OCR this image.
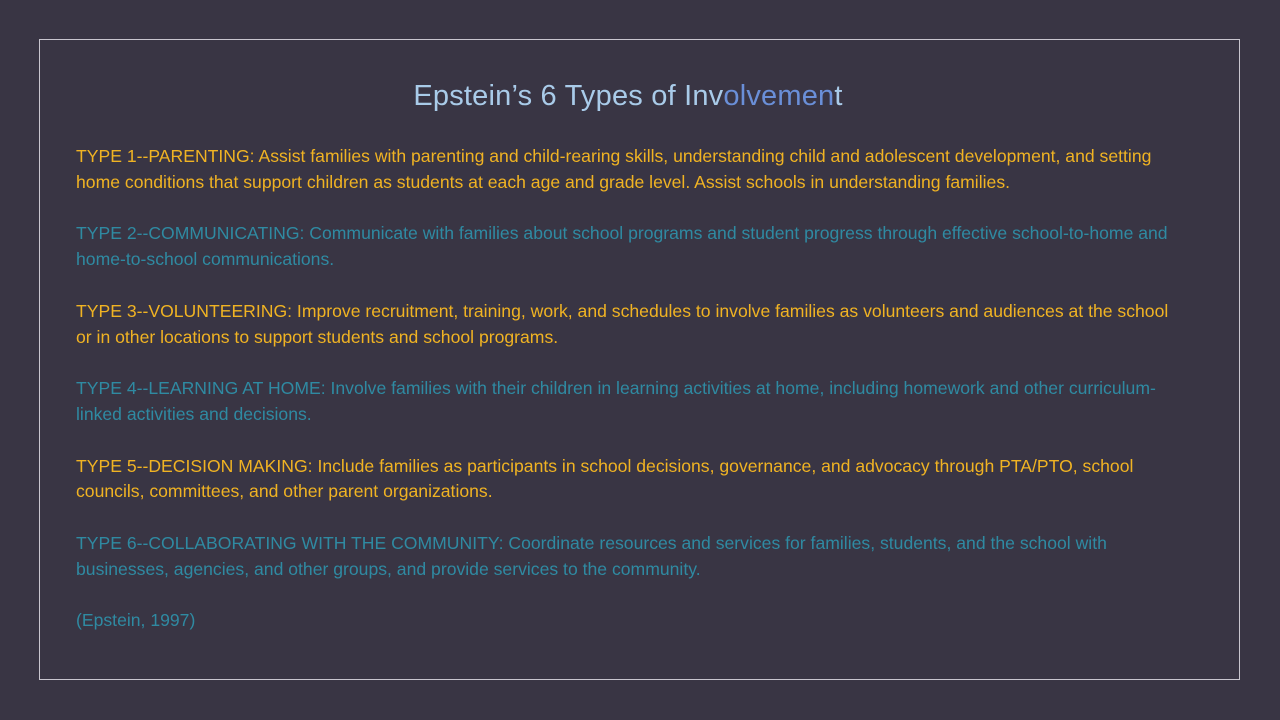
Epstein’s 6 Types of Involvement

TYPE 1--PARENTING: Assist families with parenting and child-rearing skills, understanding child and adolescent development, and setting home conditions that support children as students at each age and grade level. Assist schools in understanding families.

TYPE 2--COMMUNICATING: Communicate with families about school programs and student progress through effective school-to-home and home-to-school communications.

TYPE 3--VOLUNTEERING: Improve recruitment, training, work, and schedules to involve families as volunteers and audiences at the school or in other locations to support students and school programs.

TYPE 4--LEARNING AT HOME: Involve families with their children in learning activities at home, including homework and other curriculum-linked activities and decisions.

TYPE 5--DECISION MAKING: Include families as participants in school decisions, governance, and advocacy through PTA/PTO, school councils, committees, and other parent organizations.

TYPE 6--COLLABORATING WITH THE COMMUNITY: Coordinate resources and services for families, students, and the school with businesses, agencies, and other groups, and provide services to the community.

(Epstein, 1997)
